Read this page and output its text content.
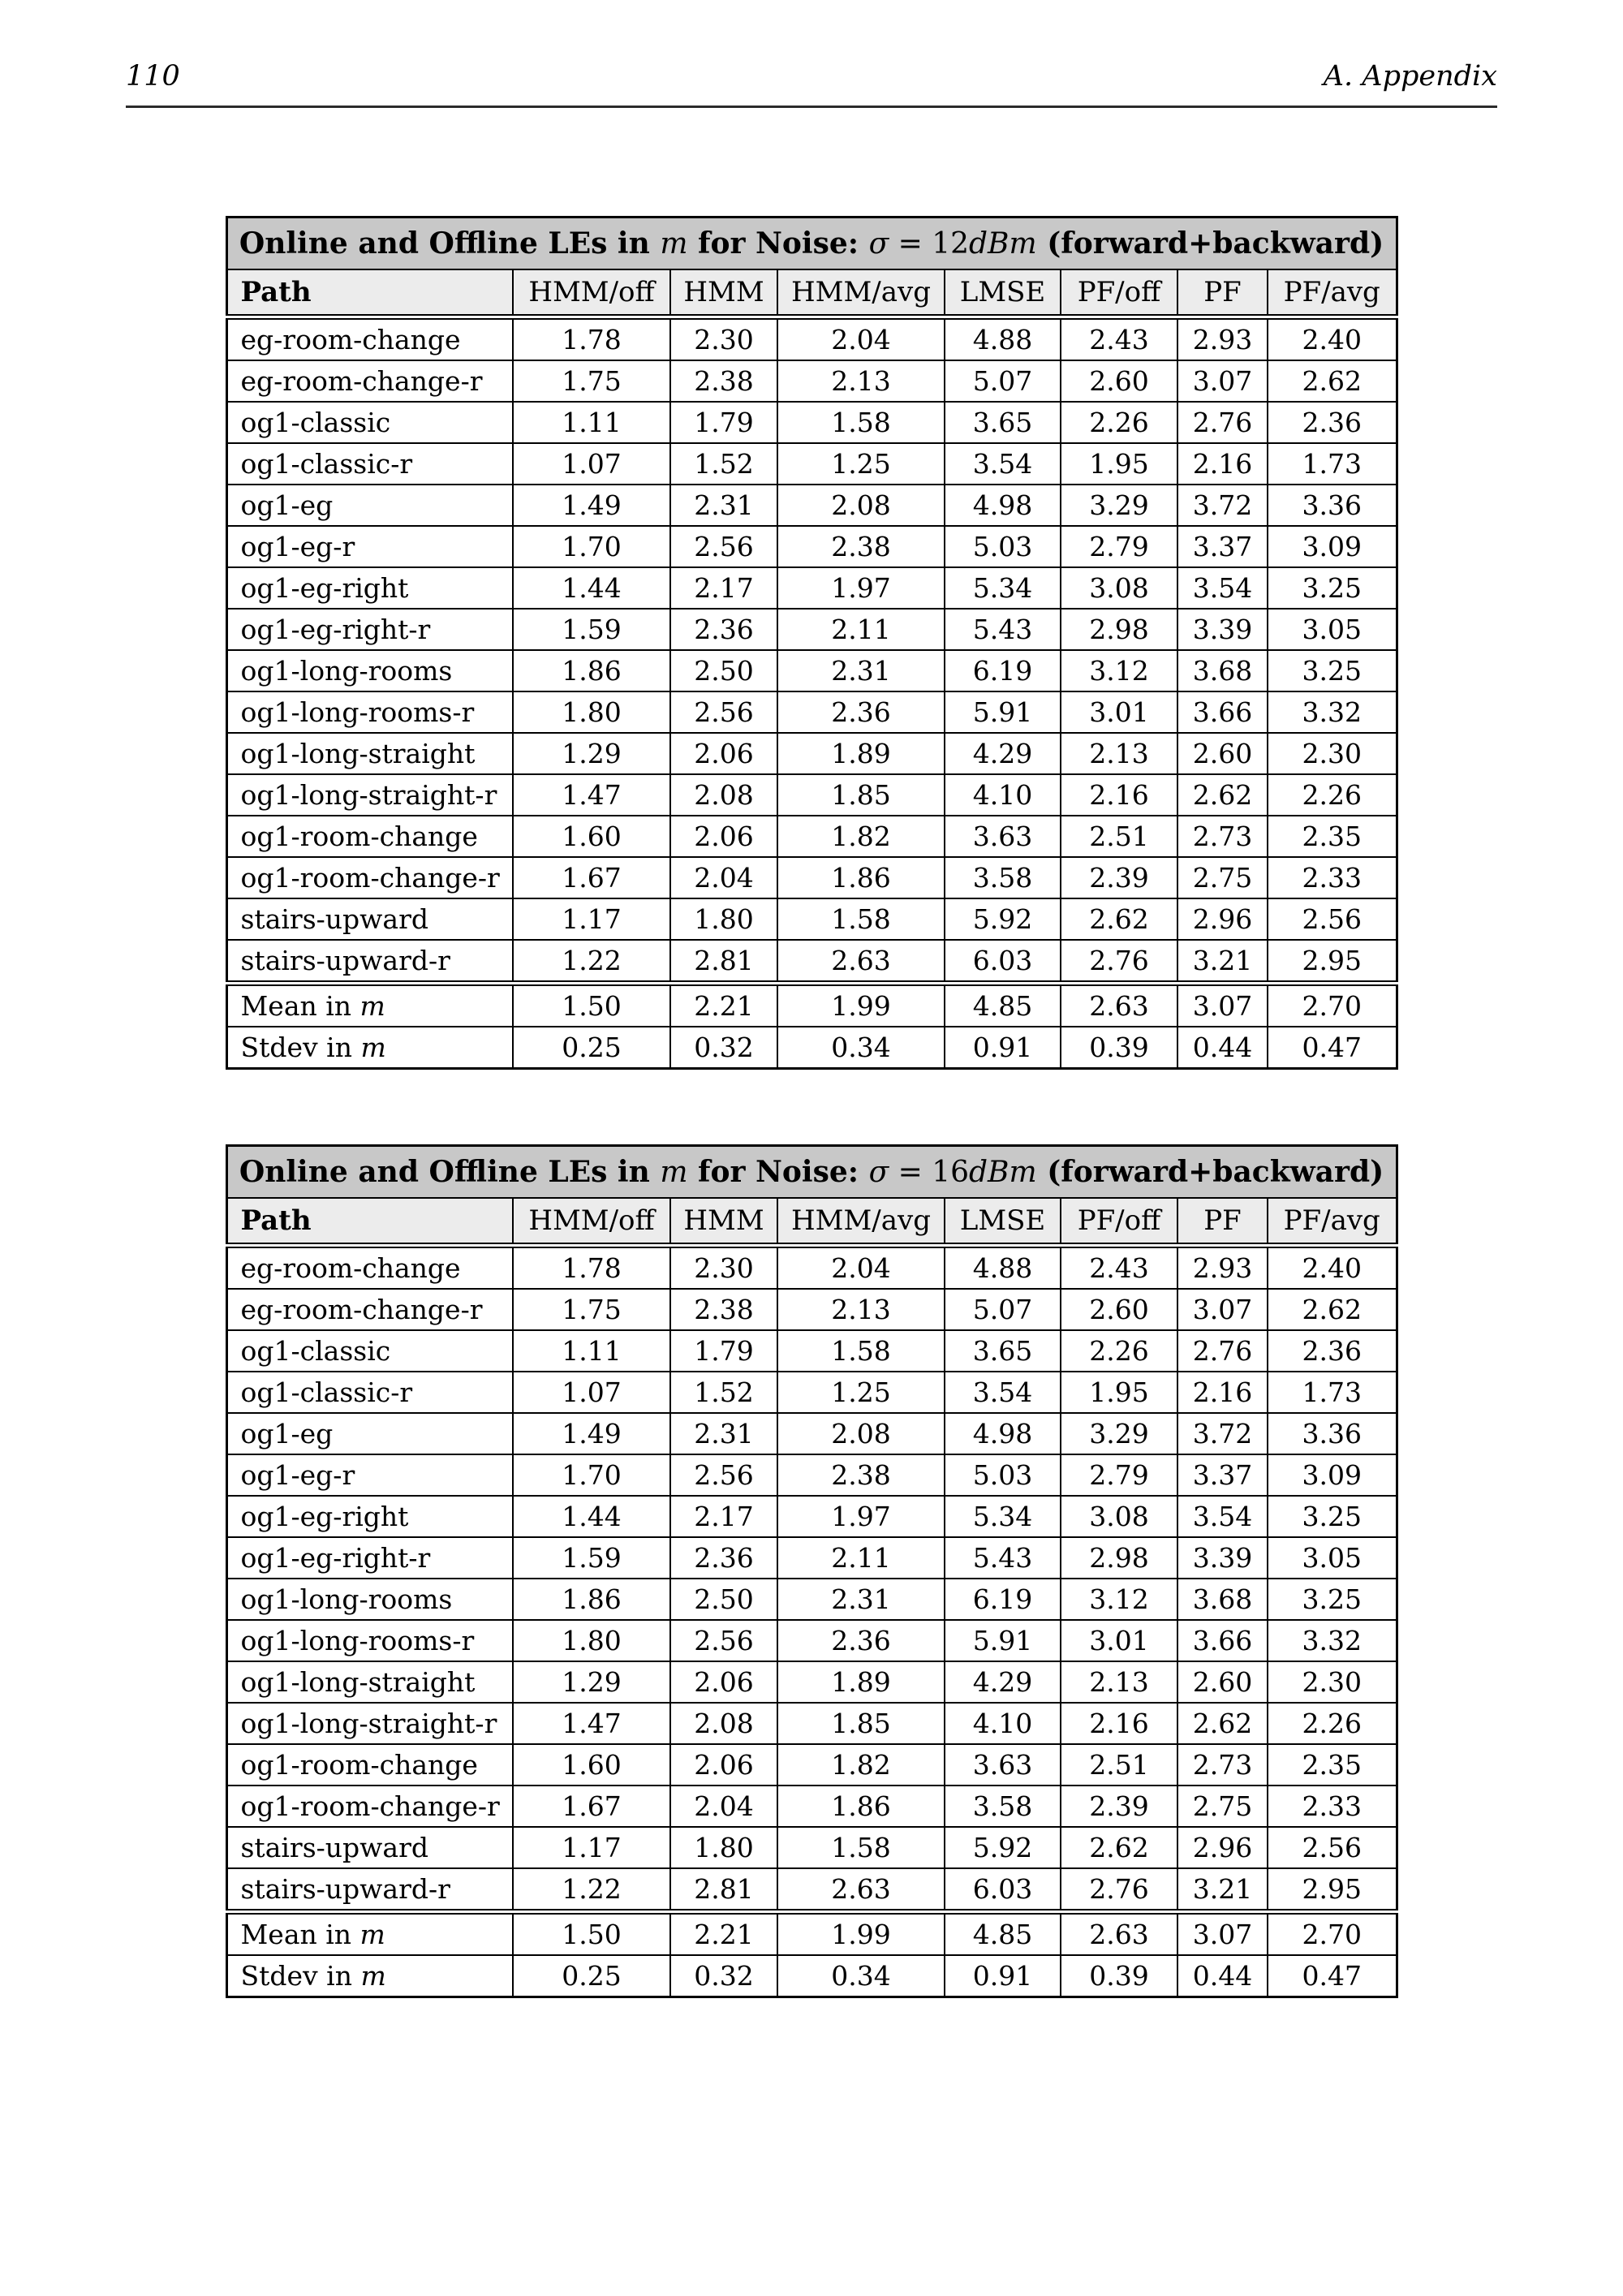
110	A. Appendix
Online and Offline LEs in m for Noise: σ = 12dBm (forward+backward)							
Path	HMM/off	HMM	HMM/avg	LMSE	PF/off	PF	PF/avg
eg-room-change	1.78	2.30	2.04	4.88	2.43	2.93	2.40
eg-room-change-r	1.75	2.38	2.13	5.07	2.60	3.07	2.62
og1-classic	1.11	1.79	1.58	3.65	2.26	2.76	2.36
og1-classic-r	1.07	1.52	1.25	3.54	1.95	2.16	1.73
og1-eg	1.49	2.31	2.08	4.98	3.29	3.72	3.36
og1-eg-r	1.70	2.56	2.38	5.03	2.79	3.37	3.09
og1-eg-right	1.44	2.17	1.97	5.34	3.08	3.54	3.25
og1-eg-right-r	1.59	2.36	2.11	5.43	2.98	3.39	3.05
og1-long-rooms	1.86	2.50	2.31	6.19	3.12	3.68	3.25
og1-long-rooms-r	1.80	2.56	2.36	5.91	3.01	3.66	3.32
og1-long-straight	1.29	2.06	1.89	4.29	2.13	2.60	2.30
og1-long-straight-r	1.47	2.08	1.85	4.10	2.16	2.62	2.26
og1-room-change	1.60	2.06	1.82	3.63	2.51	2.73	2.35
og1-room-change-r	1.67	2.04	1.86	3.58	2.39	2.75	2.33
stairs-upward	1.17	1.80	1.58	5.92	2.62	2.96	2.56
stairs-upward-r	1.22	2.81	2.63	6.03	2.76	3.21	2.95
Mean in m	1.50	2.21	1.99	4.85	2.63	3.07	2.70
Stdev in m	0.25	0.32	0.34	0.91	0.39	0.44	0.47
Online and Offline LEs in m for Noise: σ = 16dBm (forward+backward)							
Path	HMM/off	HMM	HMM/avg	LMSE	PF/off	PF	PF/avg
eg-room-change	1.78	2.30	2.04	4.88	2.43	2.93	2.40
eg-room-change-r	1.75	2.38	2.13	5.07	2.60	3.07	2.62
og1-classic	1.11	1.79	1.58	3.65	2.26	2.76	2.36
og1-classic-r	1.07	1.52	1.25	3.54	1.95	2.16	1.73
og1-eg	1.49	2.31	2.08	4.98	3.29	3.72	3.36
og1-eg-r	1.70	2.56	2.38	5.03	2.79	3.37	3.09
og1-eg-right	1.44	2.17	1.97	5.34	3.08	3.54	3.25
og1-eg-right-r	1.59	2.36	2.11	5.43	2.98	3.39	3.05
og1-long-rooms	1.86	2.50	2.31	6.19	3.12	3.68	3.25
og1-long-rooms-r	1.80	2.56	2.36	5.91	3.01	3.66	3.32
og1-long-straight	1.29	2.06	1.89	4.29	2.13	2.60	2.30
og1-long-straight-r	1.47	2.08	1.85	4.10	2.16	2.62	2.26
og1-room-change	1.60	2.06	1.82	3.63	2.51	2.73	2.35
og1-room-change-r	1.67	2.04	1.86	3.58	2.39	2.75	2.33
stairs-upward	1.17	1.80	1.58	5.92	2.62	2.96	2.56
stairs-upward-r	1.22	2.81	2.63	6.03	2.76	3.21	2.95
Mean in m	1.50	2.21	1.99	4.85	2.63	3.07	2.70
Stdev in m	0.25	0.32	0.34	0.91	0.39	0.44	0.47
